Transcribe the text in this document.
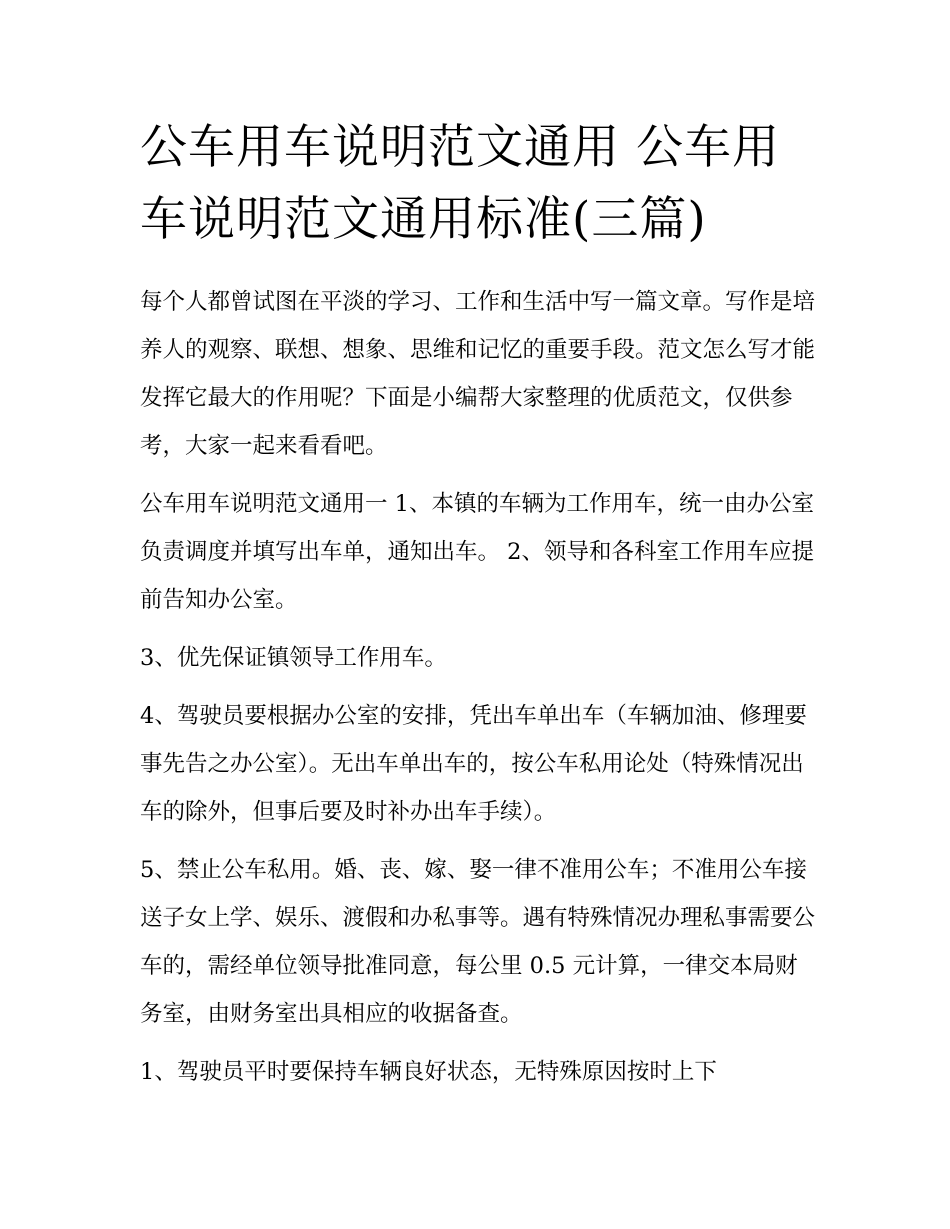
公车用车说明范文通用 公车用车说明范文通用标准(三篇)

每个人都曾试图在平淡的学习、工作和生活中写一篇文章。写作是培养人的观察、联想、想象、思维和记忆的重要手段。范文怎么写才能发挥它最大的作用呢？下面是小编帮大家整理的优质范文，仅供参考，大家一起来看看吧。

公车用车说明范文通用一 1、本镇的车辆为工作用车，统一由办公室负责调度并填写出车单，通知出车。 2、领导和各科室工作用车应提前告知办公室。

3、优先保证镇领导工作用车。

4、驾驶员要根据办公室的安排，凭出车单出车（车辆加油、修理要事先告之办公室）。无出车单出车的，按公车私用论处（特殊情况出车的除外，但事后要及时补办出车手续）。

5、禁止公车私用。婚、丧、嫁、娶一律不准用公车；不准用公车接送子女上学、娱乐、渡假和办私事等。遇有特殊情况办理私事需要公车的，需经单位领导批准同意，每公里 0.5 元计算，一律交本局财务室，由财务室出具相应的收据备查。

1、驾驶员平时要保持车辆良好状态，无特殊原因按时上下
